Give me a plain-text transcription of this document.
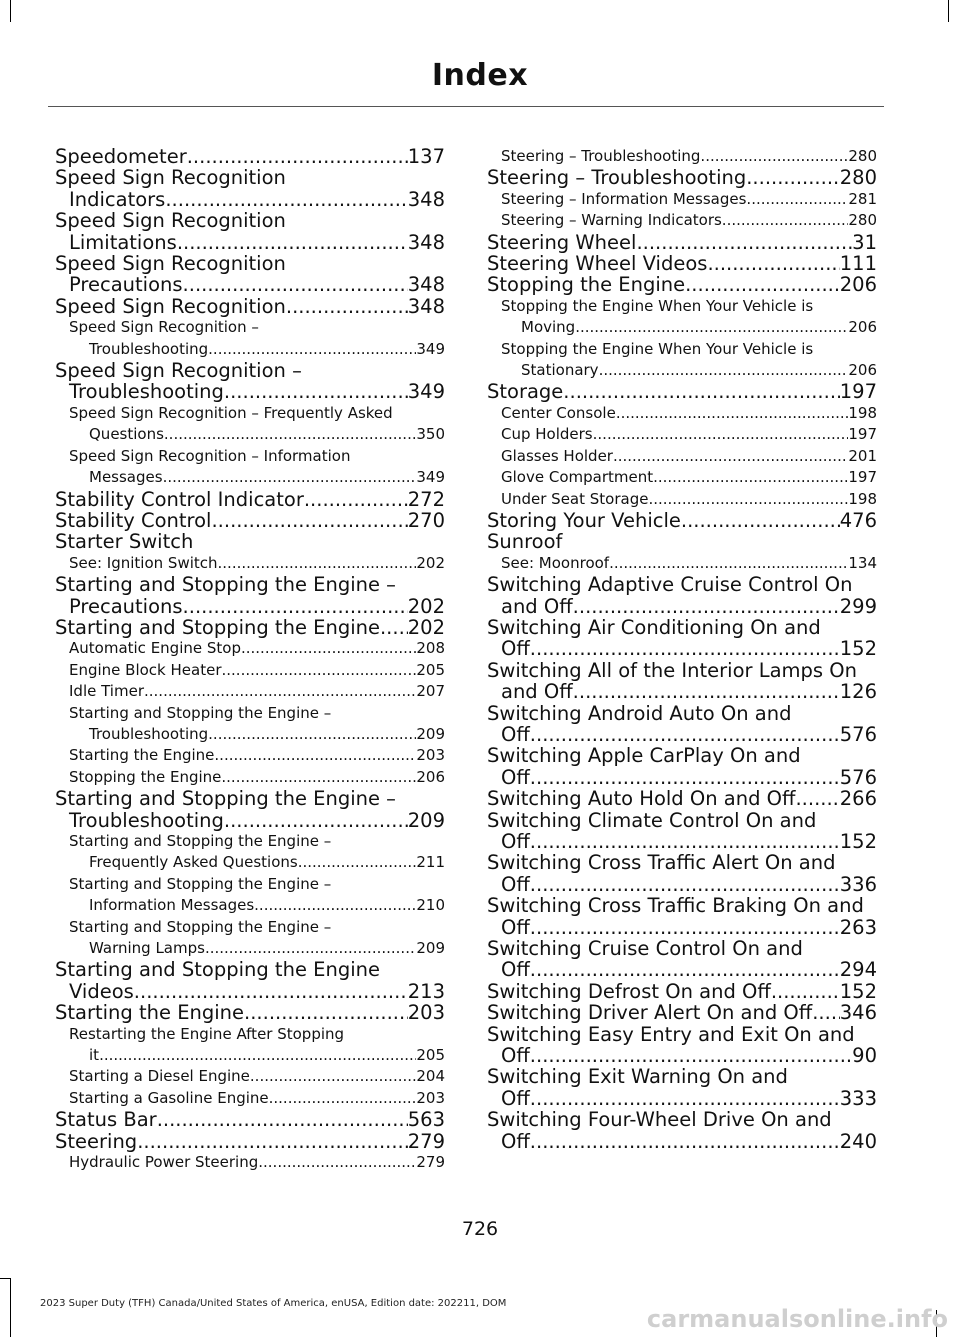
Index
Speedometer .....	137
Speed Sign Recognition
Indicators .....	348
Speed Sign Recognition
Limitations .....	348
Speed Sign Recognition
Precautions .....	348
Speed Sign Recognition .....	348
Speed Sign Recognition –
Troubleshooting .....	349
Speed Sign Recognition –
Troubleshooting .....	349
Speed Sign Recognition – Frequently Asked
Questions .....	350
Speed Sign Recognition – Information
Messages .....	349
Stability Control Indicator .....	272
Stability Control .....	270
Starter Switch
See: Ignition Switch .....	202
Starting and Stopping the Engine –
Precautions .....	202
Starting and Stopping the Engine ..... 202
Automatic Engine Stop .....	208
Engine Block Heater .....	205
Idle Timer .....	207
Starting and Stopping the Engine –
Troubleshooting .....	209
Starting the Engine .....	203
Stopping the Engine .....	206
Starting and Stopping the Engine –
Troubleshooting .....	209
Starting and Stopping the Engine –
Frequently Asked Questions .....	211
Starting and Stopping the Engine –
Information Messages .....	210
Starting and Stopping the Engine –
Warning Lamps .....	209
Starting and Stopping the Engine
Videos .....	213
Starting the Engine .....	203
Restarting the Engine After Stopping
it .....	205
Starting a Diesel Engine .....	204
Starting a Gasoline Engine .....	203
Status Bar .....	563
Steering .....	279
Hydraulic Power Steering .....	279
Steering – Troubleshooting .....	280
Steering – Troubleshooting .....	280
Steering – Information Messages .....	281
Steering – Warning Indicators .....	280
Steering Wheel .....	31
Steering Wheel Videos .....	111
Stopping the Engine .....	206
Stopping the Engine When Your Vehicle is
Moving .....	206
Stopping the Engine When Your Vehicle is
Stationary .....	206
Storage .....	197
Center Console .....	198
Cup Holders .....	197
Glasses Holder .....	201
Glove Compartment .....	197
Under Seat Storage .....	198
Storing Your Vehicle .....	476
Sunroof
See: Moonroof .....	134
Switching Adaptive Cruise Control On
and Off .....	299
Switching Air Conditioning On and
Off .....	152
Switching All of the Interior Lamps On
and Off .....	126
Switching Android Auto On and
Off .....	576
Switching Apple CarPlay On and
Off .....	576
Switching Auto Hold On and Off ..... 266
Switching Climate Control On and
Off .....	152
Switching Cross Traffic Alert On and
Off .....	336
Switching Cross Traffic Braking On and
Off .....	263
Switching Cruise Control On and
Off .....	294
Switching Defrost On and Off .....	152
Switching Driver Alert On and Off ..... 346
Switching Easy Entry and Exit On and
Off .....	90
Switching Exit Warning On and
Off .....	333
Switching Four-Wheel Drive On and
Off .....	240
726
2023 Super Duty (TFH) Canada/United States of America, enUSA, Edition date: 202211, DOM
carmanualsonline.info
